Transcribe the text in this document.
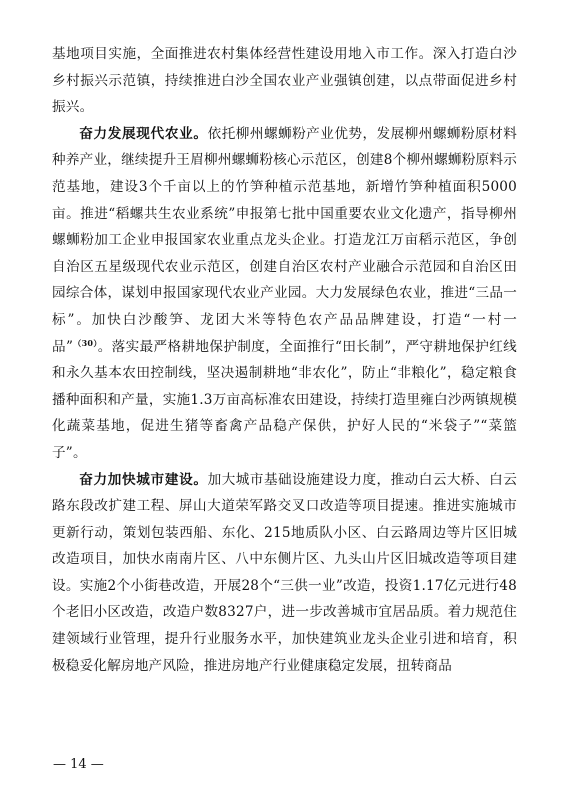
基地项目实施，全面推进农村集体经营性建设用地入市工作。深入打造白沙乡村振兴示范镇，持续推进白沙全国农业产业强镇创建，以点带面促进乡村振兴。

奋力发展现代农业。依托柳州螺蛳粉产业优势，发展柳州螺蛳粉原材料种养产业，继续提升王眉柳州螺蛳粉核心示范区，创建8个柳州螺蛳粉原料示范基地，建设3个千亩以上的竹笋种植示范基地，新增竹笋种植面积5000亩。推进“稻螺共生农业系统”申报第七批中国重要农业文化遗产，指导柳州螺蛳粉加工企业申报国家农业重点龙头企业。打造龙江万亩稻示范区，争创自治区五星级现代农业示范区，创建自治区农村产业融合示范园和自治区田园综合体，谋划申报国家现代农业产业园。大力发展绿色农业，推进“三品一标”。加快白沙酸笋、龙团大米等特色农产品品牌建设，打造“一村一品”$^{(30)}$。落实最严格耕地保护制度，全面推行“田长制”，严守耕地保护红线和永久基本农田控制线，坚决遏制耕地“非农化”，防止“非粮化”，稳定粮食播种面积和产量，实施1.3万亩高标准农田建设，持续打造里雍白沙两镇规模化蔬菜基地，促进生猪等畜禽产品稳产保供，护好人民的“米袋子”“菜篮子”。

奋力加快城市建设。加大城市基础设施建设力度，推动白云大桥、白云路东段改扩建工程、屏山大道荣军路交叉口改造等项目提速。推进实施城市更新行动，策划包装西船、东化、215地质队小区、白云路周边等片区旧城改造项目，加快水南南片区、八中东侧片区、九头山片区旧城改造等项目建设。实施2个小街巷改造，开展28个“三供一业”改造，投资1.17亿元进行48个老旧小区改造，改造户数8327户，进一步改善城市宜居品质。着力规范住建领域行业管理，提升行业服务水平，加快建筑业龙头企业引进和培育，积极稳妥化解房地产风险，推进房地产行业健康稳定发展，扭转商品

— 14 —
